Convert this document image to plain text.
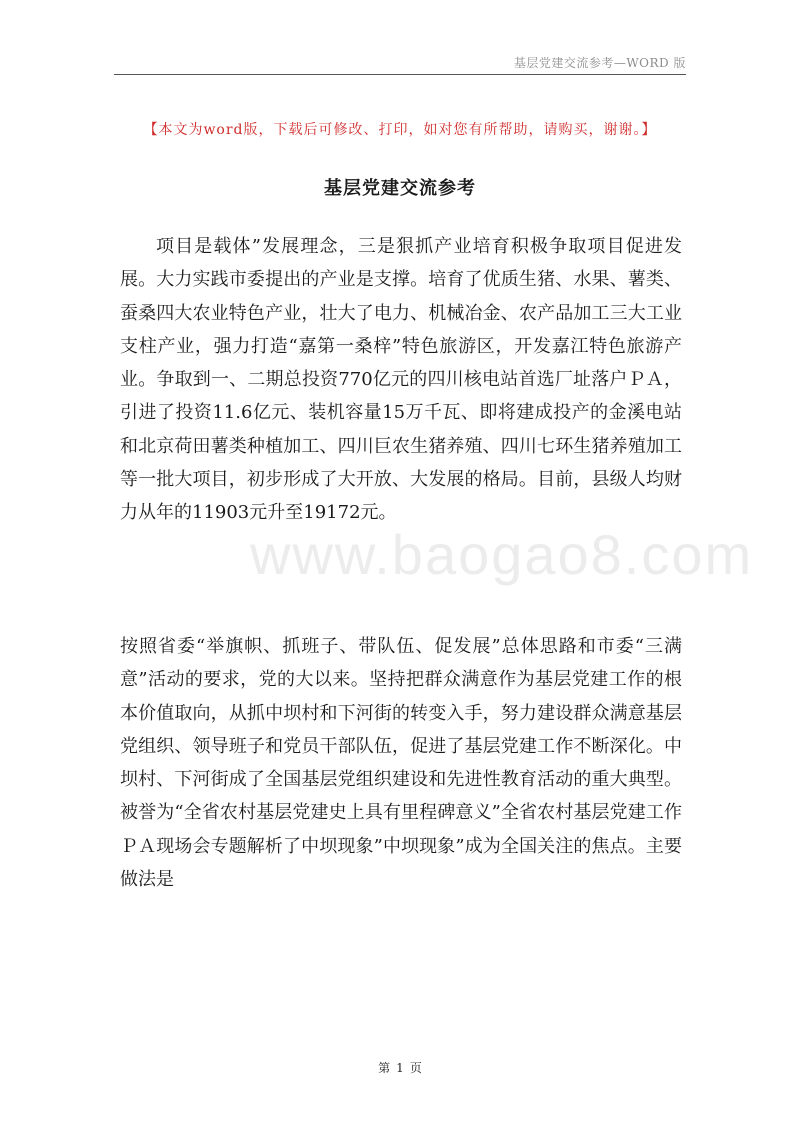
基层党建交流参考—WORD 版
【本文为word版，下载后可修改、打印，如对您有所帮助，请购买，谢谢。】
基层党建交流参考
www.baogao8.com

项目是载体”发展理念，三是狠抓产业培育积极争取项目促进发展。大力实践市委提出的产业是支撑。培育了优质生猪、水果、薯类、蚕桑四大农业特色产业，壮大了电力、机械冶金、农产品加工三大工业支柱产业，强力打造“嘉第一桑梓”特色旅游区，开发嘉江特色旅游产业。争取到一、二期总投资770亿元的四川核电站首选厂址落户ＰＡ，引进了投资11.6亿元、装机容量15万千瓦、即将建成投产的金溪电站和北京荷田薯类种植加工、四川巨农生猪养殖、四川七环生猪养殖加工等一批大项目，初步形成了大开放、大发展的格局。目前，县级人均财力从年的11903元升至19172元。

按照省委“举旗帜、抓班子、带队伍、促发展”总体思路和市委“三满意”活动的要求，党的大以来。坚持把群众满意作为基层党建工作的根本价值取向，从抓中坝村和下河街的转变入手，努力建设群众满意基层党组织、领导班子和党员干部队伍，促进了基层党建工作不断深化。中坝村、下河街成了全国基层党组织建设和先进性教育活动的重大典型。被誉为“全省农村基层党建史上具有里程碑意义”全省农村基层党建工作ＰＡ现场会专题解析了中坝现象”中坝现象”成为全国关注的焦点。主要做法是

第 1 页
